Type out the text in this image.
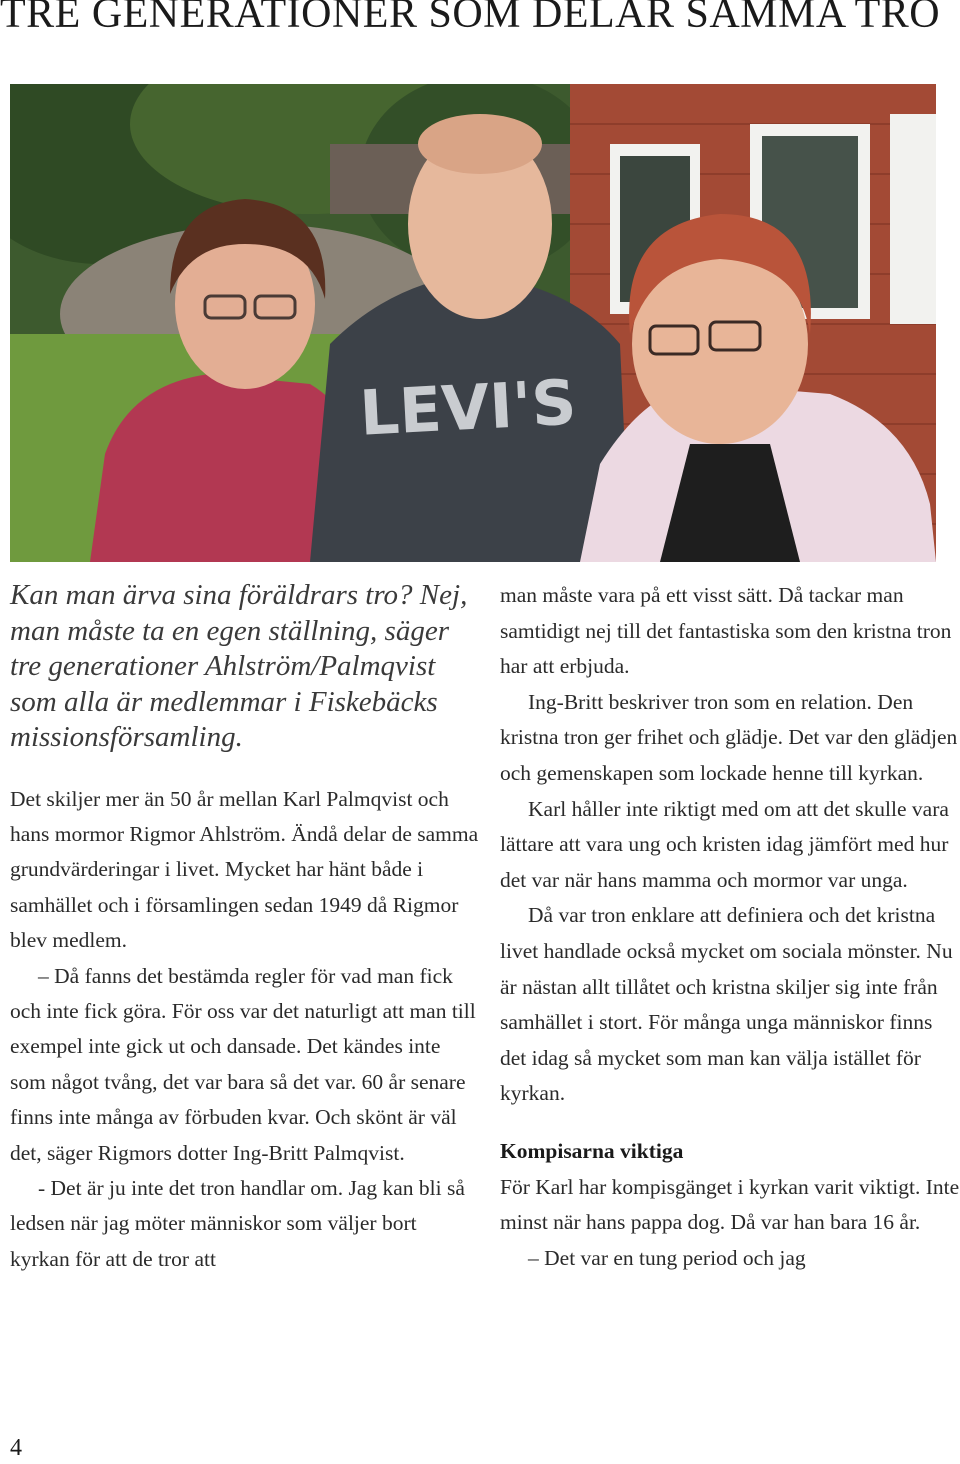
TRE GENERATIONER SOM DELAR SAMMA TRO
LEVI'S

Kan man ärva sina föräldrars tro? Nej, man måste ta en egen ställning, säger tre generationer Ahlström/Palmqvist som alla är medlemmar i Fiskebäcks missionsförsamling.

Det skiljer mer än 50 år mellan Karl Palmqvist och hans mormor Rigmor Ahlström. Ändå delar de samma grundvärderingar i livet. Mycket har hänt både i samhället och i församlingen sedan 1949 då Rigmor blev medlem.

– Då fanns det bestämda regler för vad man fick och inte fick göra. För oss var det naturligt att man till exempel inte gick ut och dansade. Det kändes inte som något tvång, det var bara så det var. 60 år senare finns inte många av förbuden kvar. Och skönt är väl det, säger Rigmors dotter Ing-Britt Palmqvist.

- Det är ju inte det tron handlar om. Jag kan bli så ledsen när jag möter människor som väljer bort kyrkan för att de tror att

man måste vara på ett visst sätt. Då tackar man samtidigt nej till det fantastiska som den kristna tron har att erbjuda.

Ing-Britt beskriver tron som en relation. Den kristna tron ger frihet och glädje. Det var den glädjen och gemenskapen som lockade henne till kyrkan.

Karl håller inte riktigt med om att det skulle vara lättare att vara ung och kristen idag jämfört med hur det var när hans mamma och mormor var unga.

Då var tron enklare att definiera och det kristna livet handlade också mycket om sociala mönster. Nu är nästan allt tillåtet och kristna skiljer sig inte från samhället i stort. För många unga människor finns det idag så mycket som man kan välja istället för kyrkan.

Kompisarna viktiga

För Karl har kompisgänget i kyrkan varit viktigt. Inte minst när hans pappa dog. Då var han bara 16 år.

– Det var en tung period och jag

4
